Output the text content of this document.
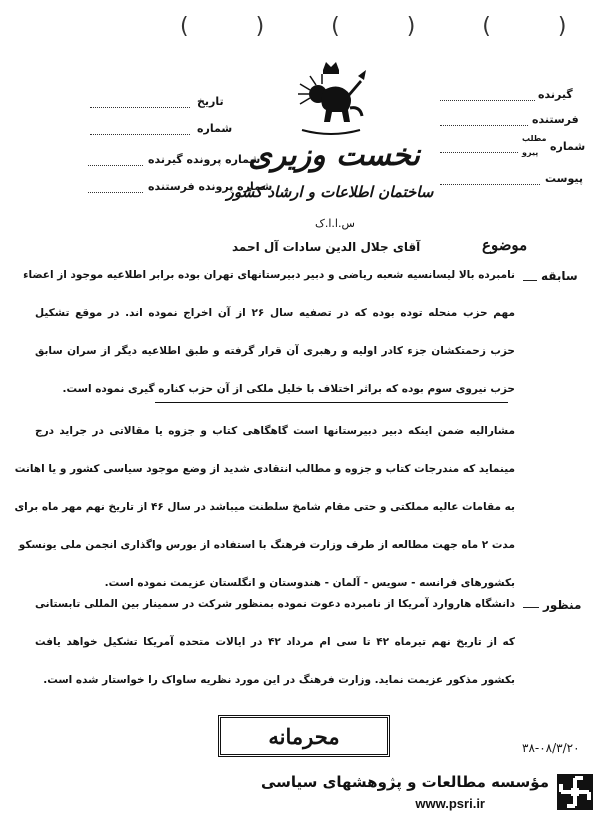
( ) ( ) ( )
نخست وزیری
ساختمان اطلاعات و ارشاد کشور
س.ا.ا.ک
تاریخ
شماره
شماره پرونده گیرنده
شماره پرونده فرستنده
گیرنده
فرستنده
شماره
مطلب
پیرو
پیوست
موضوع
آقای جلال الدین سادات آل احمد
سابقه
منظور
نامبرده بالا لیسانسیه شعبه ریاضی و دبیر دبیرستانهای تهران بوده برابر اطلاعیه موجود از اعضاء
مهم حزب منحله توده بوده که در تصفیه سال ۲۶ از آن اخراج نموده اند. در موقع تشکیل
حزب زحمتکشان جزء کادر اولیه و رهبری آن قرار گرفته و طبق اطلاعیه دیگر از سران سابق
حزب نیروی سوم بوده که براثر اختلاف با خلیل ملکی از آن حزب کناره گیری نموده است.
مشارالیه ضمن اینکه دبیر دبیرستانها است گاهگاهی کتاب و جزوه یا مقالاتی در جراید درج
مینماید که مندرجات کتاب و جزوه و مطالب انتقادی شدید از وضع موجود سیاسی کشور و یا اهانت
به مقامات عالیه مملکتی و حتی مقام شامخ سلطنت میباشد در سال ۴۶ از تاریخ نهم مهر ماه برای
مدت ۲ ماه جهت مطالعه از طرف وزارت فرهنگ با استفاده از بورس واگذاری انجمن ملی یونسکو
بکشورهای فرانسه - سویس - آلمان - هندوستان و انگلستان عزیمت نموده است.
دانشگاه هاروارد آمریکا از نامبرده دعوت نموده بمنظور شرکت در سمینار بین المللی تابستانی
که از تاریخ نهم تیرماه ۴۲ تا سی ام مرداد ۴۲ در ایالات متحده آمریکا تشکیل خواهد یافت
بکشور مذکور عزیمت نماید. وزارت فرهنگ در این مورد نظریه ساواک را خواستار شده است.
محرمانه	۳۸-۰۸/۳/۲۰
مؤسسه مطالعات و پژوهشهای سیاسی
www.psri.ir
